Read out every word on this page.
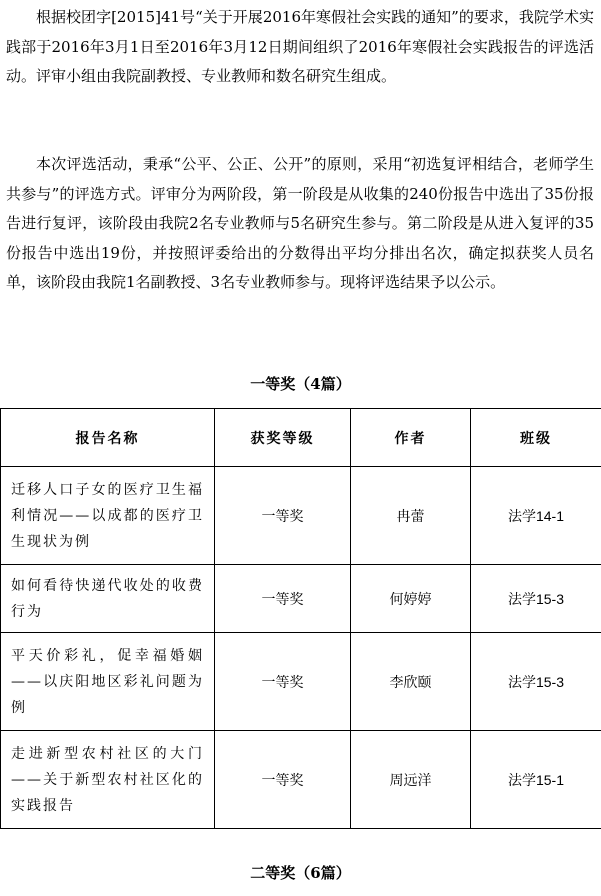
根据校团字[2015]41号“关于开展2016年寒假社会实践的通知”的要求，我院学术实践部于2016年3月1日至2016年3月12日期间组织了2016年寒假社会实践报告的评选活动。评审小组由我院副教授、专业教师和数名研究生组成。

本次评选活动，秉承“公平、公正、公开”的原则，采用“初选复评相结合，老师学生共参与”的评选方式。评审分为两阶段，第一阶段是从收集的240份报告中选出了35份报告进行复评，该阶段由我院2名专业教师与5名研究生参与。第二阶段是从进入复评的35份报告中选出19份，并按照评委给出的分数得出平均分排出名次，确定拟获奖人员名单，该阶段由我院1名副教授、3名专业教师参与。现将评选结果予以公示。

一等奖（4篇）
报告名称	获奖等级	作者	班级
迁移人口子女的医疗卫生福利情况——以成都的医疗卫生现状为例	一等奖	冉蕾	法学14-1
如何看待快递代收处的收费行为	一等奖	何婷婷	法学15-3
平天价彩礼，促幸福婚姻——以庆阳地区彩礼问题为例	一等奖	李欣颐	法学15-3
走进新型农村社区的大门——关于新型农村社区化的实践报告	一等奖	周远洋	法学15-1
二等奖（6篇）
